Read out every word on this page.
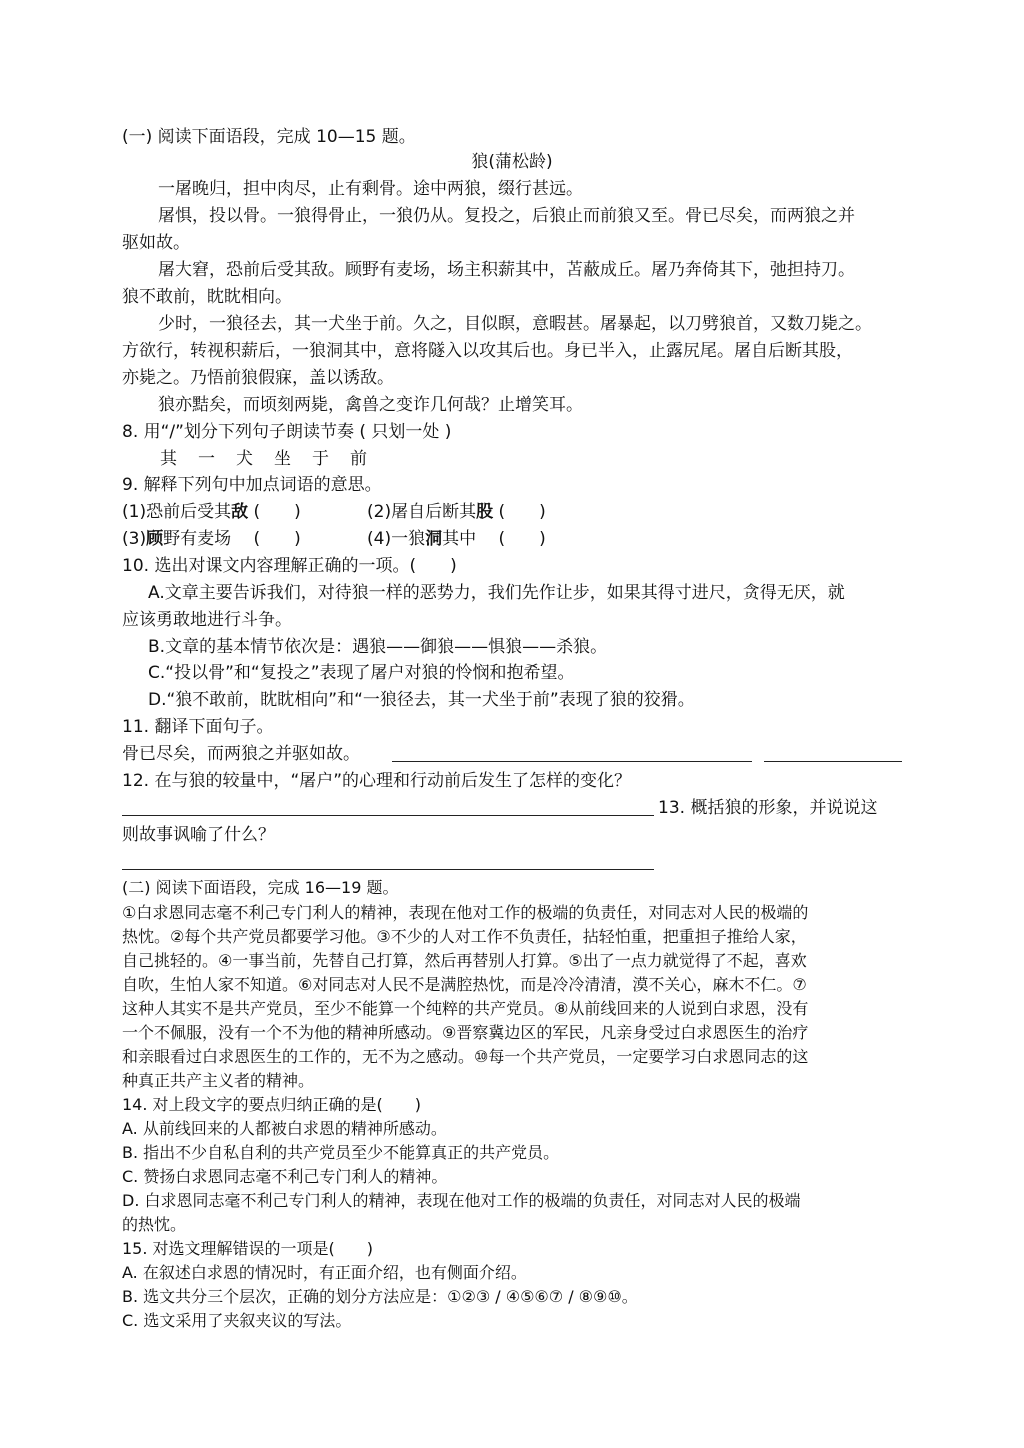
(一) 阅读下面语段，完成 10—15 题。
狼(蒲松龄)
一屠晚归，担中肉尽，止有剩骨。途中两狼，缀行甚远。
屠惧，投以骨。一狼得骨止，一狼仍从。复投之，后狼止而前狼又至。骨已尽矣，而两狼之并
驱如故。
屠大窘，恐前后受其敌。顾野有麦场，场主积薪其中，苫蔽成丘。屠乃奔倚其下，弛担持刀。
狼不敢前，眈眈相向。
少时，一狼径去，其一犬坐于前。久之，目似瞑，意暇甚。屠暴起，以刀劈狼首，又数刀毙之。
方欲行，转视积薪后，一狼洞其中，意将隧入以攻其后也。身已半入，止露尻尾。屠自后断其股，
亦毙之。乃悟前狼假寐，盖以诱敌。
狼亦黠矣，而顷刻两毙，禽兽之变诈几何哉？止增笑耳。
8. 用“/”划分下列句子朗读节奏 ( 只划一处 )
其一犬坐于前
9. 解释下列句中加点词语的意思。
(1)恐前后受其敌 (　　)	(2)屠自后断其股 (　　)
(3)顾野有麦场　 (　　)	(4)一狼洞其中　 (　　)
10. 选出对课文内容理解正确的一项。(　　)
A.文章主要告诉我们，对待狼一样的恶势力，我们先作让步，如果其得寸进尺，贪得无厌，就
应该勇敢地进行斗争。
B.文章的基本情节依次是：遇狼——御狼——惧狼——杀狼。
C.“投以骨”和“复投之”表现了屠户对狼的怜悯和抱希望。
D.“狼不敢前，眈眈相向”和“一狼径去，其一犬坐于前”表现了狼的狡猾。
11. 翻译下面句子。
骨已尽矣，而两狼之并驱如故。
12. 在与狼的较量中，“屠户”的心理和行动前后发生了怎样的变化？
13. 概括狼的形象，并说说这
则故事讽喻了什么？
(二) 阅读下面语段，完成 16—19 题。
①白求恩同志毫不利己专门利人的精神，表现在他对工作的极端的负责任，对同志对人民的极端的
热忱。②每个共产党员都要学习他。③不少的人对工作不负责任，拈轻怕重，把重担子推给人家，
自己挑轻的。④一事当前，先替自己打算，然后再替别人打算。⑤出了一点力就觉得了不起，喜欢
自吹，生怕人家不知道。⑥对同志对人民不是满腔热忱，而是冷冷清清，漠不关心，麻木不仁。⑦
这种人其实不是共产党员，至少不能算一个纯粹的共产党员。⑧从前线回来的人说到白求恩，没有
一个不佩服，没有一个不为他的精神所感动。⑨晋察冀边区的军民，凡亲身受过白求恩医生的治疗
和亲眼看过白求恩医生的工作的，无不为之感动。⑩每一个共产党员，一定要学习白求恩同志的这
种真正共产主义者的精神。
14. 对上段文字的要点归纳正确的是(　　)
A. 从前线回来的人都被白求恩的精神所感动。
B. 指出不少自私自利的共产党员至少不能算真正的共产党员。
C. 赞扬白求恩同志毫不利己专门利人的精神。
D. 白求恩同志毫不利己专门利人的精神，表现在他对工作的极端的负责任，对同志对人民的极端
的热忱。
15. 对选文理解错误的一项是(　　)
A. 在叙述白求恩的情况时，有正面介绍，也有侧面介绍。
B. 选文共分三个层次，正确的划分方法应是：①②③ / ④⑤⑥⑦ / ⑧⑨⑩。
C. 选文采用了夹叙夹议的写法。
